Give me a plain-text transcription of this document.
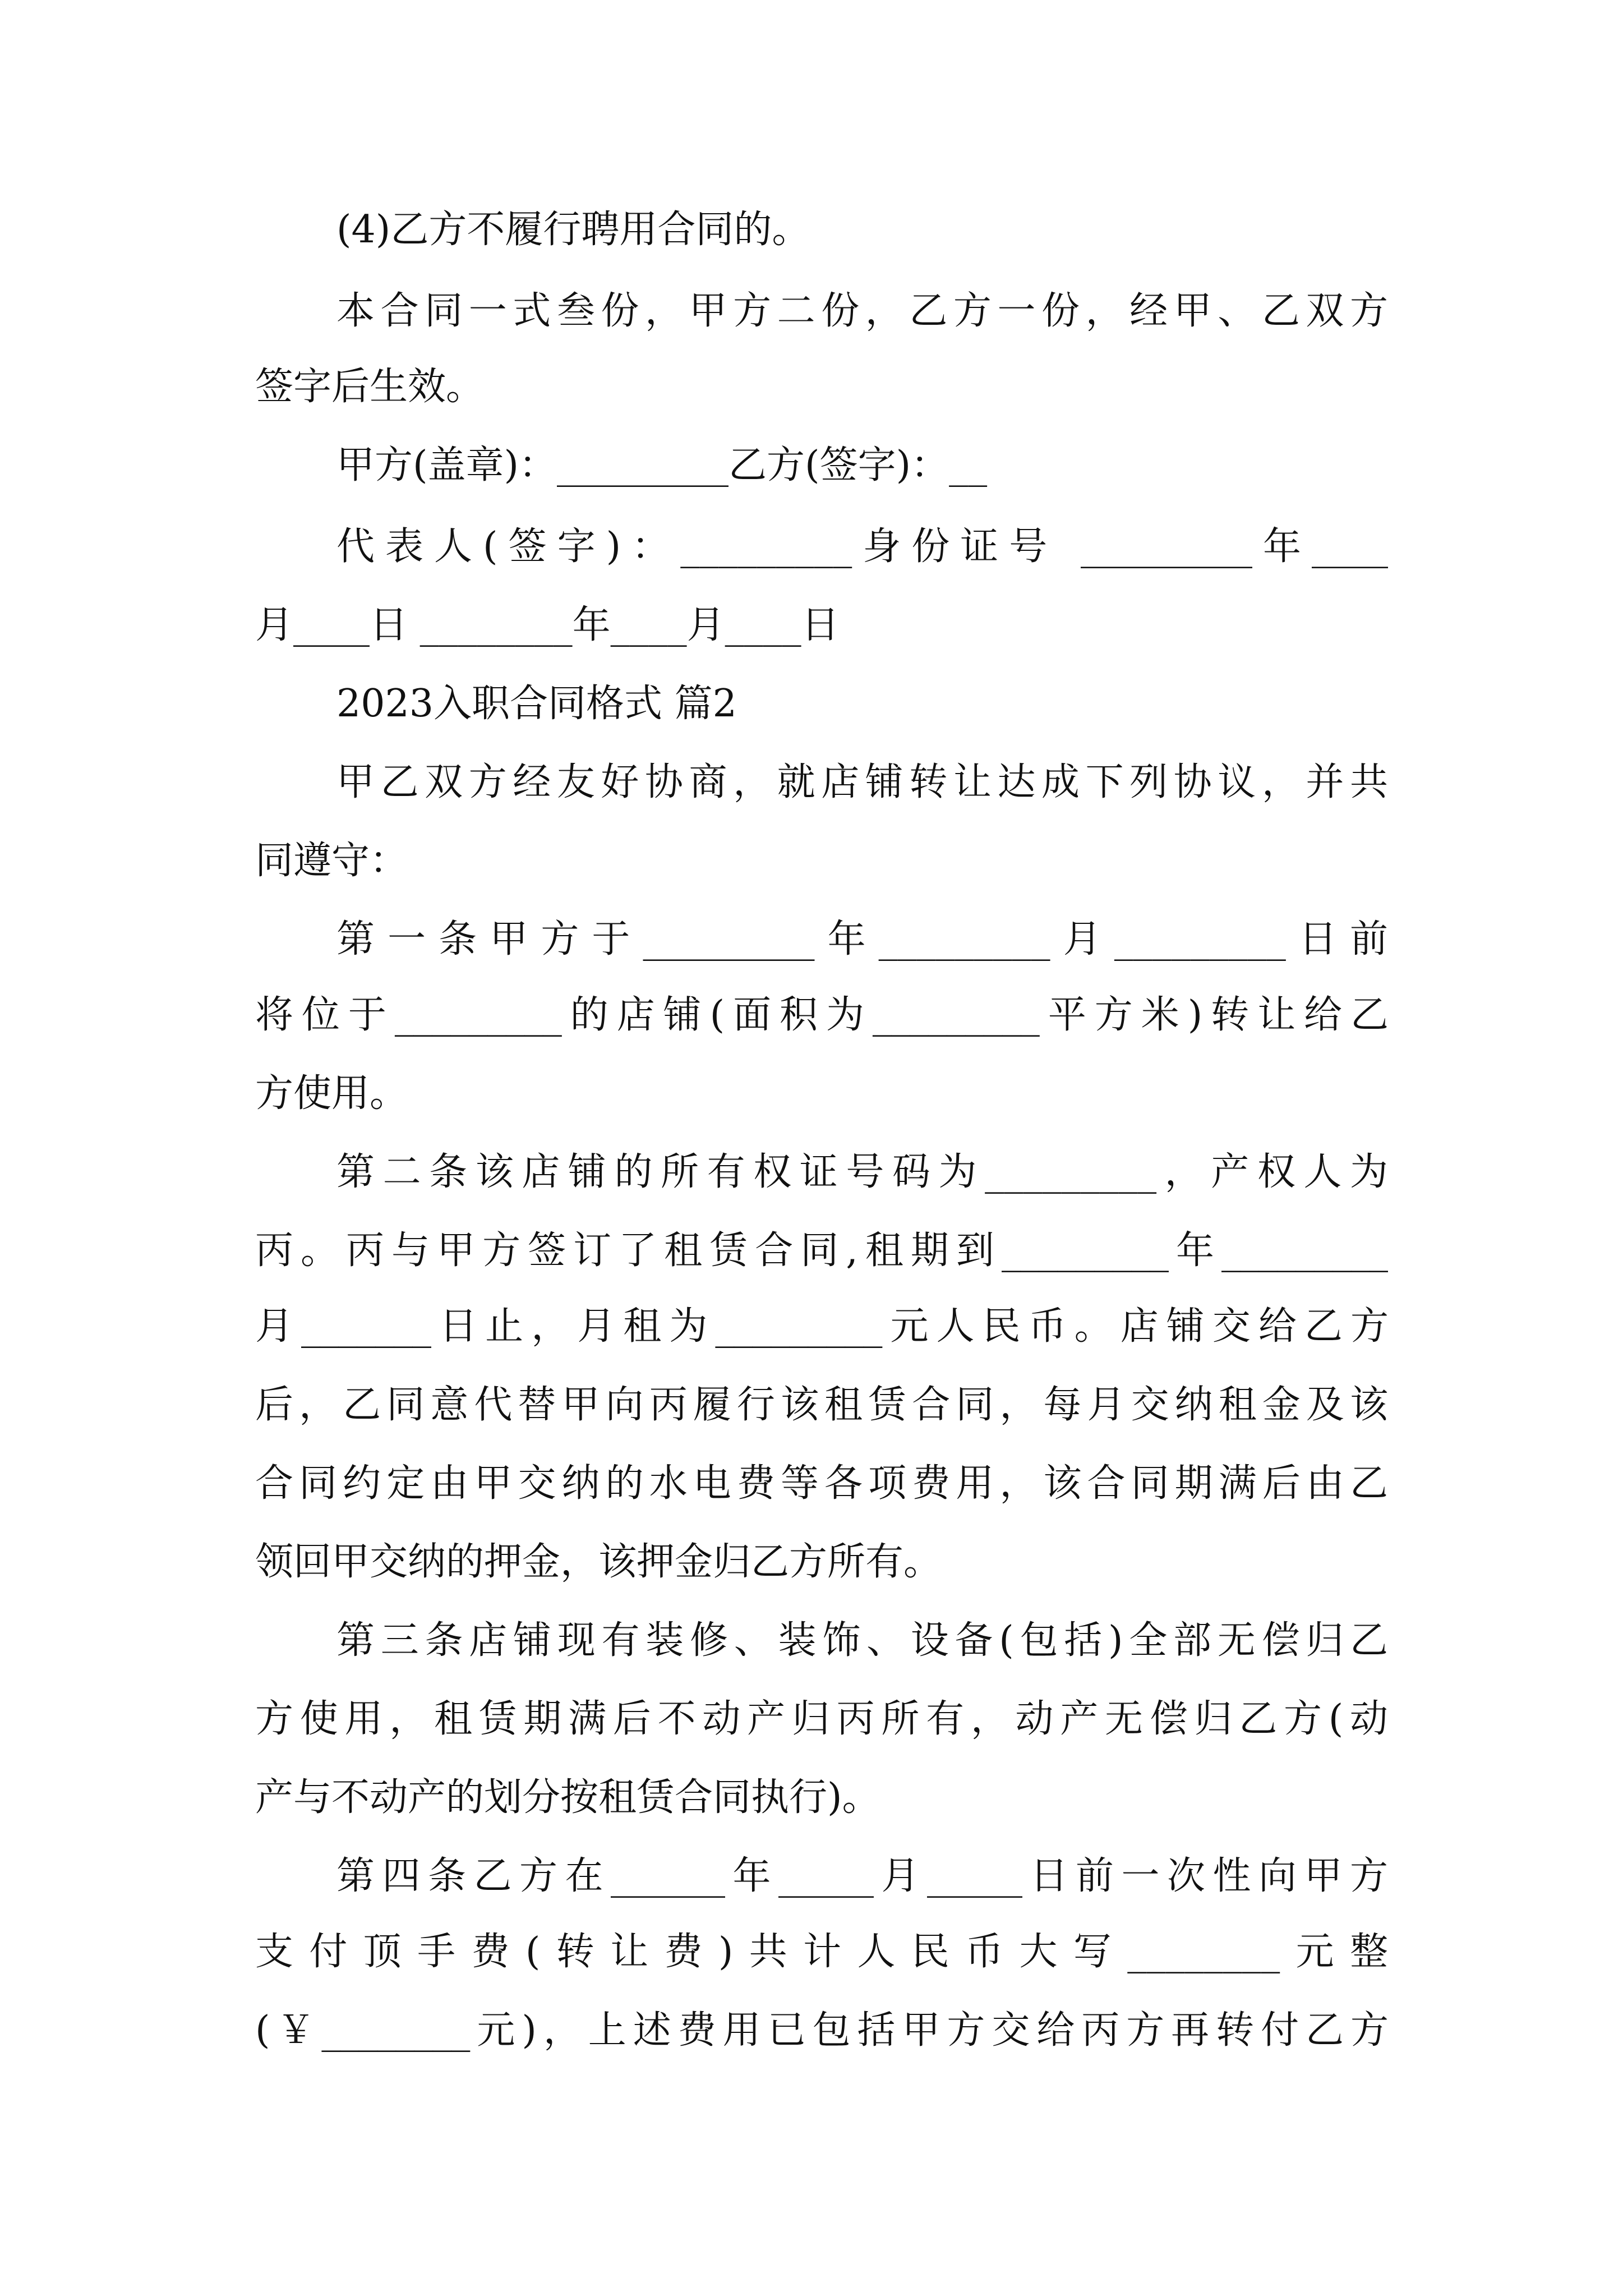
(4)乙方不履行聘用合同的。
本合同一式叁份，甲方二份，乙方一份，经甲、乙双方
签字后生效。
甲方(盖章)：_________乙方(签字)：__
代表人(签字)：_________身份证号 _________年____
月____日 ________年____月____日
2023入职合同格式 篇2
甲乙双方经友好协商，就店铺转让达成下列协议，并共
同遵守：
第一条甲方于_________年_________月_________日前
将位于_________的店铺(面积为_________平方米)转让给乙
方使用。
第二条该店铺的所有权证号码为_________，产权人为
丙。丙与甲方签订了租赁合同,租期到_________年_________
月_______日止，月租为_________元人民币。店铺交给乙方
后，乙同意代替甲向丙履行该租赁合同，每月交纳租金及该
合同约定由甲交纳的水电费等各项费用，该合同期满后由乙
领回甲交纳的押金，该押金归乙方所有。
第三条店铺现有装修、装饰、设备(包括)全部无偿归乙
方使用，租赁期满后不动产归丙所有，动产无偿归乙方(动
产与不动产的划分按租赁合同执行)。
第四条乙方在______年_____月_____日前一次性向甲方
支付顶手费(转让费)共计人民币大写________元整
(￥________元)，上述费用已包括甲方交给丙方再转付乙方
